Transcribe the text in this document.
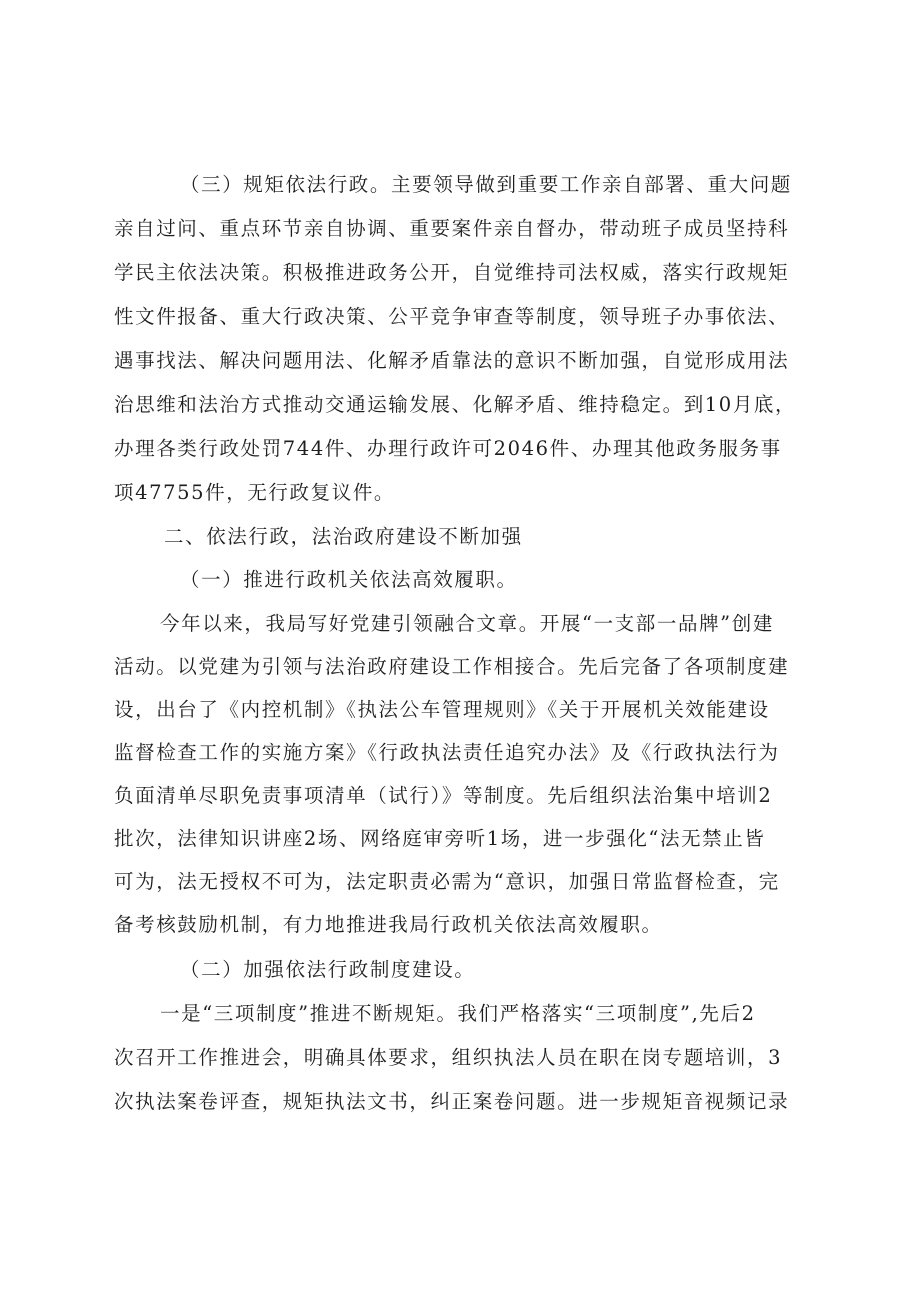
（三）规矩依法行政。主要领导做到重要工作亲自部署、重大问题
亲自过问、重点环节亲自协调、重要案件亲自督办，带动班子成员坚持科
学民主依法决策。积极推进政务公开，自觉维持司法权威，落实行政规矩
性文件报备、重大行政决策、公平竞争审查等制度，领导班子办事依法、
遇事找法、解决问题用法、化解矛盾靠法的意识不断加强，自觉形成用法
治思维和法治方式推动交通运输发展、化解矛盾、维持稳定。到10月底，
办理各类行政处罚744件、办理行政许可2046件、办理其他政务服务事
项47755件，无行政复议件。
二、依法行政，法治政府建设不断加强
（一）推进行政机关依法高效履职。
今年以来，我局写好党建引领融合文章。开展“一支部一品牌”创建
活动。以党建为引领与法治政府建设工作相接合。先后完备了各项制度建
设，出台了《内控机制》《执法公车管理规则》《关于开展机关效能建设
监督检查工作的实施方案》《行政执法责任追究办法》及《行政执法行为
负面清单尽职免责事项清单（试行）》等制度。先后组织法治集中培训2
批次，法律知识讲座2场、网络庭审旁听1场，进一步强化“法无禁止皆
可为，法无授权不可为，法定职责必需为“意识，加强日常监督检查，完
备考核鼓励机制，有力地推进我局行政机关依法高效履职。
（二）加强依法行政制度建设。
一是“三项制度”推进不断规矩。我们严格落实“三项制度”,先后2
次召开工作推进会，明确具体要求，组织执法人员在职在岗专题培训，3
次执法案卷评查，规矩执法文书，纠正案卷问题。进一步规矩音视频记录
